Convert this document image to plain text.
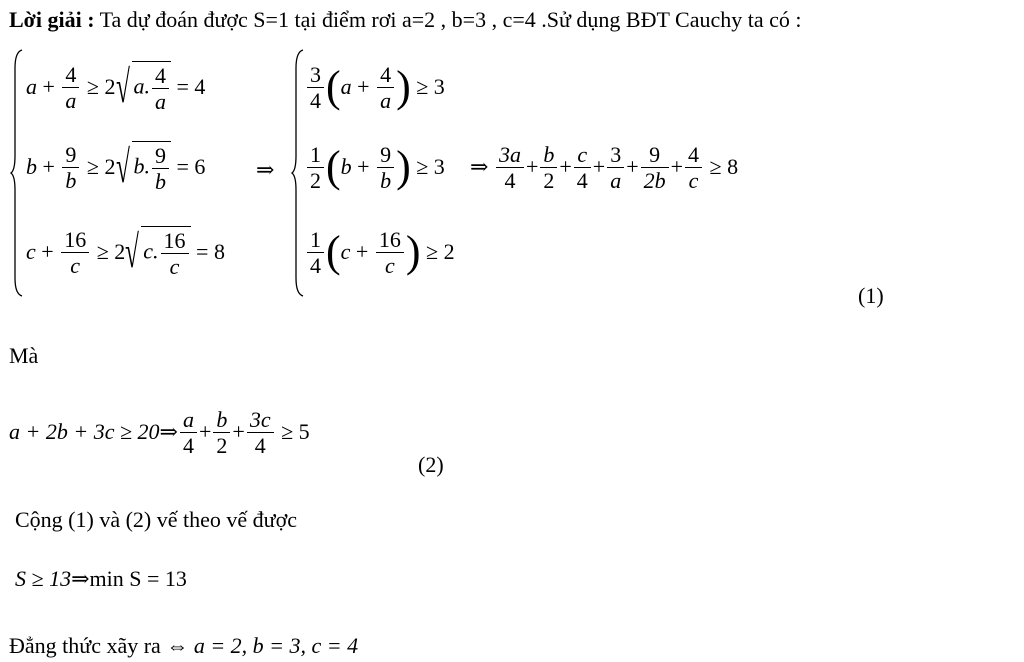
Lời giải : Ta dự đoán được S=1 tại điểm rơi a=2 , b=3 , c=4 .Sử dụng BĐT Cauchy ta có :
$a + \frac{4}{a}$
≥ 2 √ a. $\frac{4}{a}$
= 4
$b + \frac{9}{b}$
≥ 2 √ b. $\frac{9}{b}$
= 6
$c + \frac{16}{c}$
≥ 2 √ c. $\frac{16}{c}$
= 8
⇒
$\frac{3}{4}$ ( $a + \frac{4}{a}$ )
≥ 3
$\frac{1}{2}$ ( $b + \frac{9}{b}$ )
≥ 3
$\frac{1}{4}$ ( $c + \frac{16}{c}$ )
≥ 2
⇒
$\frac{3a}{4} + \frac{b}{2} + \frac{c}{4} + \frac{3}{a} + \frac{9}{2b} + \frac{4}{c}$
≥ 8
(1)
Mà
a + 2b + 3c ≥ 20 ⇒ $\frac{a}{4} + \frac{b}{2} + \frac{3c}{4}$
≥ 5
(2)
Cộng (1) và (2) vế theo vế được
S ≥ 13⇒min S = 13
Đẳng thức xãy ra ⇔ a = 2, b = 3, c = 4
